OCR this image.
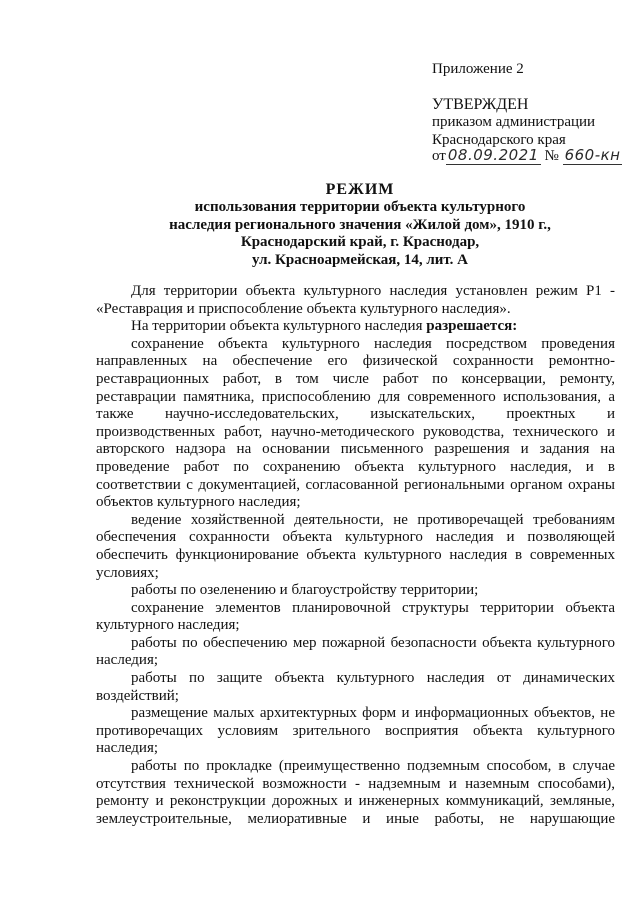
Приложение 2
УТВЕРЖДЕН
приказом администрации
Краснодарского края
от 08.09.2021 № 660-кн
РЕЖИМ
использования территории объекта культурного
наследия регионального значения «Жилой дом», 1910 г.,
Краснодарский край, г. Краснодар,
ул. Красноармейская, 14, лит. А

Для территории объекта культурного наследия установлен режим Р1 - «Реставрация и приспособление объекта культурного наследия».

На территории объекта культурного наследия разрешается:

сохранение объекта культурного наследия посредством проведения направленных на обеспечение его физической сохранности ремонтно-реставрационных работ, в том числе работ по консервации, ремонту, реставрации памятника, приспособлению для современного использования, а также научно-исследовательских, изыскательских, проектных и производственных работ, научно-методического руководства, технического и авторского надзора на основании письменного разрешения и задания на проведение работ по сохранению объекта культурного наследия, и в соответствии с документацией, согласованной региональными органом охраны объектов культурного наследия;

ведение хозяйственной деятельности, не противоречащей требованиям обеспечения сохранности объекта культурного наследия и позволяющей обеспечить функционирование объекта культурного наследия в современных условиях;

работы по озеленению и благоустройству территории;

сохранение элементов планировочной структуры территории объекта культурного наследия;

работы по обеспечению мер пожарной безопасности объекта культурного наследия;

работы по защите объекта культурного наследия от динамических воздействий;

размещение малых архитектурных форм и информационных объектов, не противоречащих условиям зрительного восприятия объекта культурного наследия;

работы по прокладке (преимущественно подземным способом, в случае отсутствия технической возможности - надземным и наземным способами), ремонту и реконструкции дорожных и инженерных коммуникаций, земляные, землеустроительные, мелиоративные и иные работы, не нарушающие
